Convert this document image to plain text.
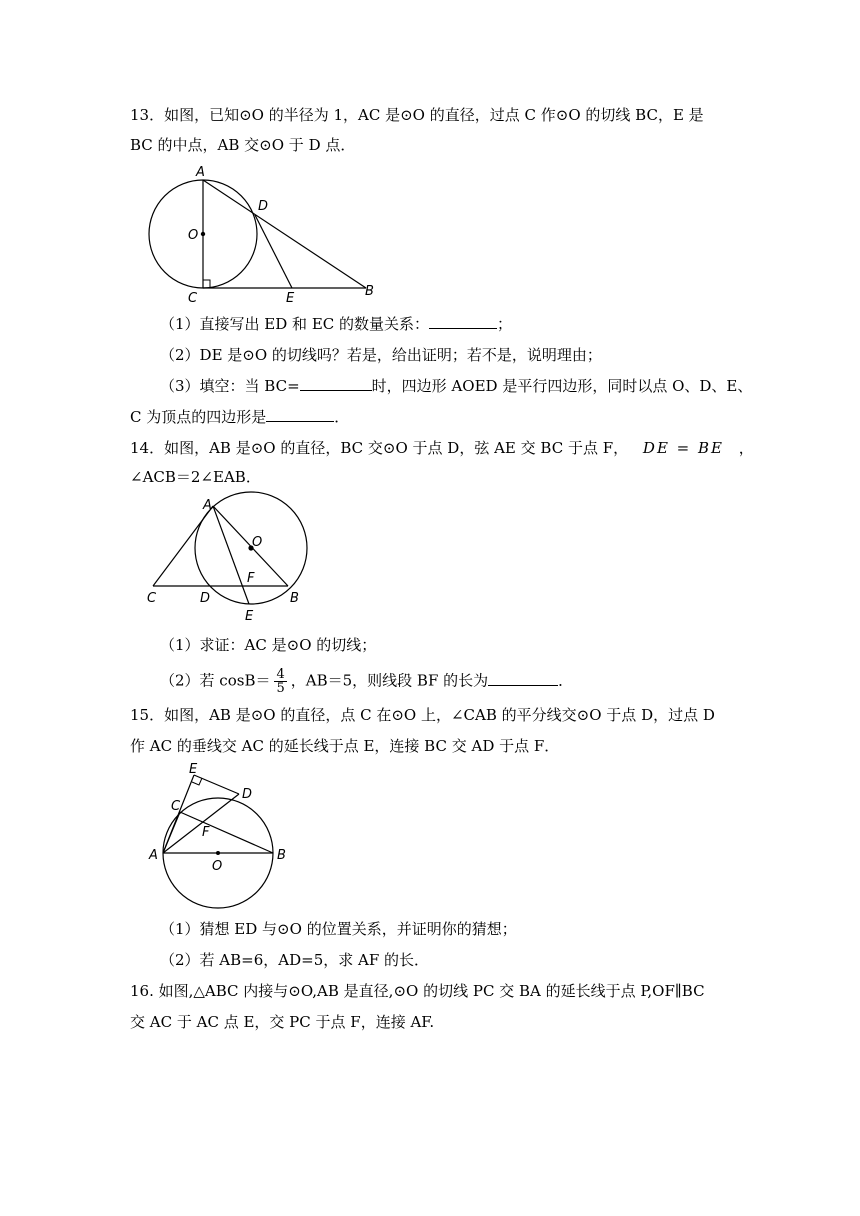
13．如图，已知⊙O 的半径为 1，AC 是⊙O 的直径，过点 C 作⊙O 的切线 BC，E 是
BC 的中点，AB 交⊙O 于 D 点．
A
D
O
C	E	B
（1）直接写出 ED 和 EC 的数量关系：	；
（2）DE 是⊙O 的切线吗？若是，给出证明；若不是，说明理由；
（3）填空：当 BC=	时，四边形 AOED 是平行四边形，同时以点 O、D、E、
C 为顶点的四边形是	．
14．如图，AB 是⊙O 的直径，BC 交⊙O 于点 D，弦 AE 交 BC 于点 F， DE = BE ，
∠ACB＝2∠EAB．
A
O
F
C	D
E
B
（1）求证：AC 是⊙O 的切线；
（2）若 $\cos B= \frac{4}{5}$ ，AB＝5，则线段 BF 的长为	．
15．如图，AB 是⊙O 的直径，点 C 在⊙O 上，∠CAB 的平分线交⊙O 于点 D，过点 D
作 AC 的垂线交 AC 的延长线于点 E，连接 BC 交 AD 于点 F．
E
D
C
F
A
O
B
（1）猜想 ED 与⊙O 的位置关系，并证明你的猜想；
（2）若 AB=6，AD=5，求 AF 的长．
16. 如图,△ABC 内接与⊙O,AB 是直径,⊙O 的切线 PC 交 BA 的延长线于点 P,OF∥BC
交 AC 于 AC 点 E，交 PC 于点 F，连接 AF.
